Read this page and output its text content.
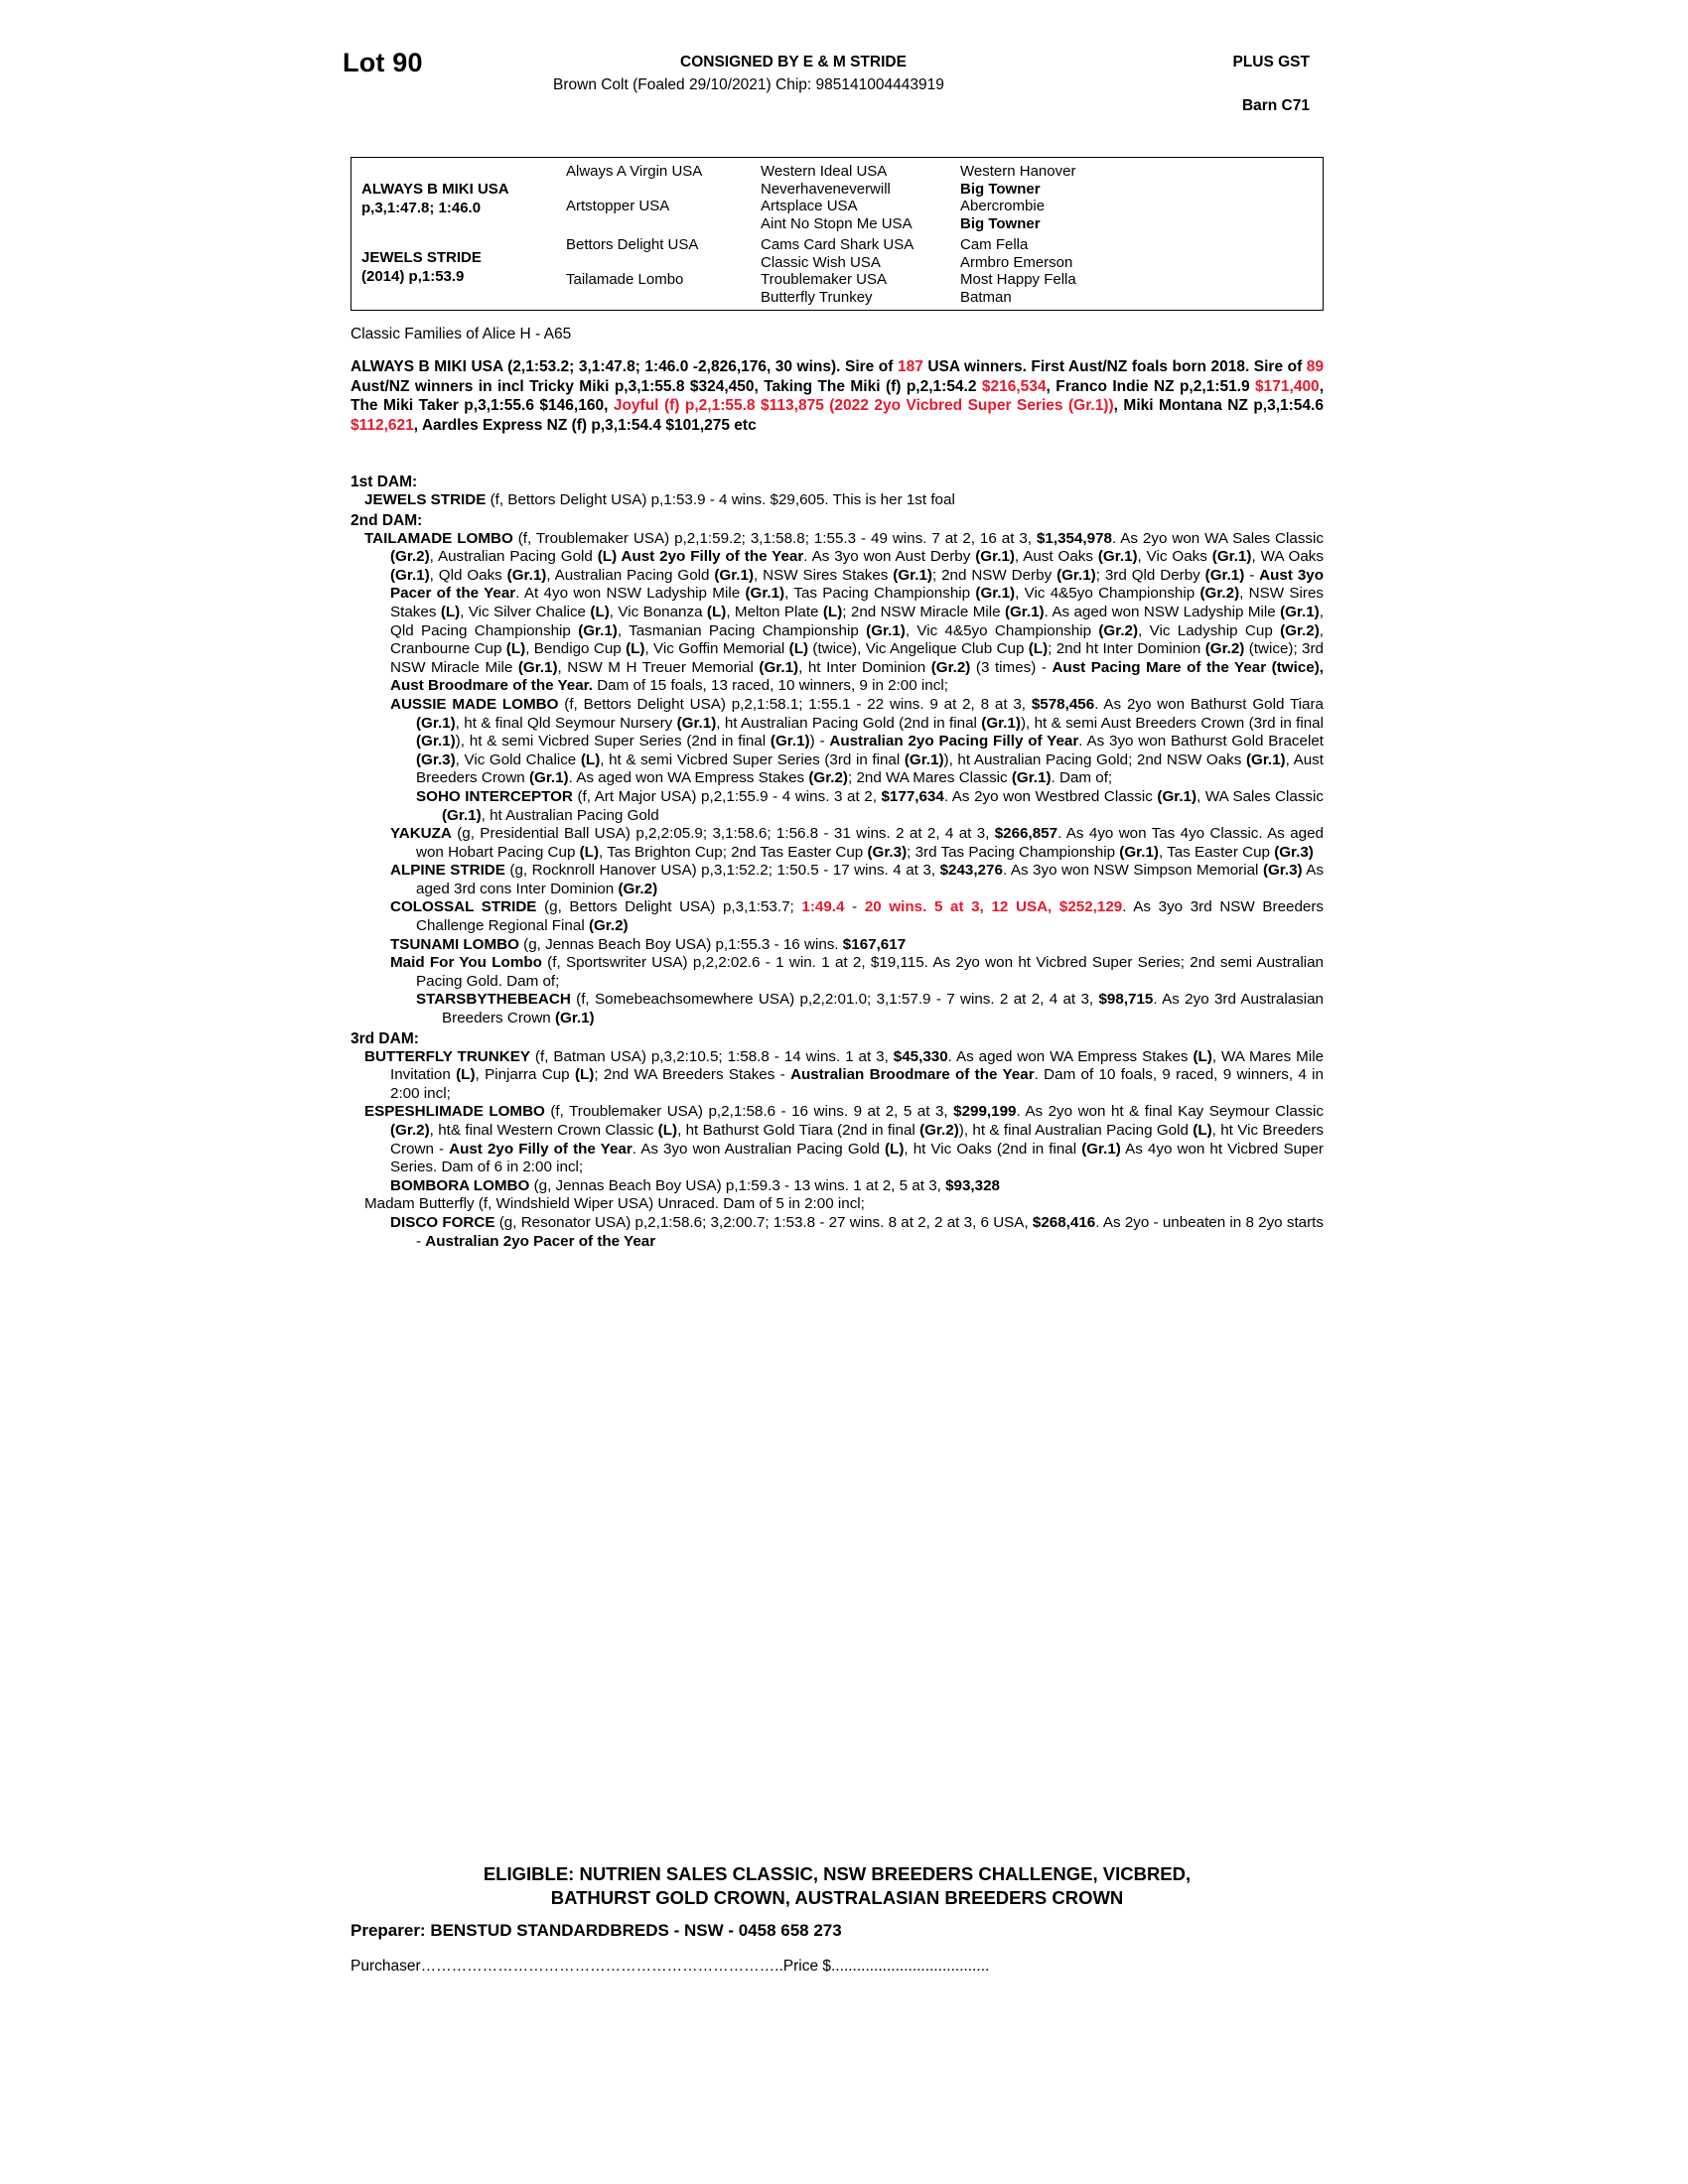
Lot 90	CONSIGNED BY E & M STRIDE	PLUS GST
Brown Colt (Foaled 29/10/2021) Chip: 985141004443919
Barn C71
ALWAYS B MIKI USA
p,3,1:47.8; 1:46.0
JEWELS STRIDE
(2014) p,1:53.9
Always A Virgin USA
Artstopper USA
Bettors Delight USA
Tailamade Lombo
Western Ideal USA
Neverhaveneverwill
Artsplace USA
Aint No Stopn Me USA
Cams Card Shark USA
Classic Wish USA
Troublemaker USA
Butterfly Trunkey
Western Hanover
Big Towner
Abercrombie
Big Towner
Cam Fella
Armbro Emerson
Most Happy Fella
Batman
Classic Families of Alice H - A65
ALWAYS B MIKI USA (2,1:53.2; 3,1:47.8; 1:46.0 -2,826,176, 30 wins). Sire of 187 USA winners. First Aust/NZ foals born 2018. Sire of 89 Aust/NZ winners in incl Tricky Miki p,3,1:55.8 $324,450, Taking The Miki (f) p,2,1:54.2 $216,534, Franco Indie NZ p,2,1:51.9 $171,400, The Miki Taker p,3,1:55.6 $146,160, Joyful (f) p,2,1:55.8 $113,875 (2022 2yo Vicbred Super Series (Gr.1)), Miki Montana NZ p,3,1:54.6 $112,621, Aardles Express NZ (f) p,3,1:54.4 $101,275 etc
1st DAM:

JEWELS STRIDE (f, Bettors Delight USA) p,1:53.9 - 4 wins. $29,605. This is her 1st foal

2nd DAM:

TAILAMADE LOMBO (f, Troublemaker USA) p,2,1:59.2; 3,1:58.8; 1:55.3 - 49 wins. 7 at 2, 16 at 3, $1,354,978. As 2yo won WA Sales Classic (Gr.2), Australian Pacing Gold (L) Aust 2yo Filly of the Year. As 3yo won Aust Derby (Gr.1), Aust Oaks (Gr.1), Vic Oaks (Gr.1), WA Oaks (Gr.1), Qld Oaks (Gr.1), Australian Pacing Gold (Gr.1), NSW Sires Stakes (Gr.1); 2nd NSW Derby (Gr.1); 3rd Qld Derby (Gr.1) - Aust 3yo Pacer of the Year. At 4yo won NSW Ladyship Mile (Gr.1), Tas Pacing Championship (Gr.1), Vic 4&5yo Championship (Gr.2), NSW Sires Stakes (L), Vic Silver Chalice (L), Vic Bonanza (L), Melton Plate (L); 2nd NSW Miracle Mile (Gr.1). As aged won NSW Ladyship Mile (Gr.1), Qld Pacing Championship (Gr.1), Tasmanian Pacing Championship (Gr.1), Vic 4&5yo Championship (Gr.2), Vic Ladyship Cup (Gr.2), Cranbourne Cup (L), Bendigo Cup (L), Vic Goffin Memorial (L) (twice), Vic Angelique Club Cup (L); 2nd ht Inter Dominion (Gr.2) (twice); 3rd NSW Miracle Mile (Gr.1), NSW M H Treuer Memorial (Gr.1), ht Inter Dominion (Gr.2) (3 times) - Aust Pacing Mare of the Year (twice), Aust Broodmare of the Year. Dam of 15 foals, 13 raced, 10 winners, 9 in 2:00 incl;

AUSSIE MADE LOMBO (f, Bettors Delight USA) p,2,1:58.1; 1:55.1 - 22 wins. 9 at 2, 8 at 3, $578,456. As 2yo won Bathurst Gold Tiara (Gr.1), ht & final Qld Seymour Nursery (Gr.1), ht Australian Pacing Gold (2nd in final (Gr.1)), ht & semi Aust Breeders Crown (3rd in final (Gr.1)), ht & semi Vicbred Super Series (2nd in final (Gr.1)) - Australian 2yo Pacing Filly of Year. As 3yo won Bathurst Gold Bracelet (Gr.3), Vic Gold Chalice (L), ht & semi Vicbred Super Series (3rd in final (Gr.1)), ht Australian Pacing Gold; 2nd NSW Oaks (Gr.1), Aust Breeders Crown (Gr.1). As aged won WA Empress Stakes (Gr.2); 2nd WA Mares Classic (Gr.1). Dam of;

SOHO INTERCEPTOR (f, Art Major USA) p,2,1:55.9 - 4 wins. 3 at 2, $177,634. As 2yo won Westbred Classic (Gr.1), WA Sales Classic (Gr.1), ht Australian Pacing Gold

YAKUZA (g, Presidential Ball USA) p,2,2:05.9; 3,1:58.6; 1:56.8 - 31 wins. 2 at 2, 4 at 3, $266,857. As 4yo won Tas 4yo Classic. As aged won Hobart Pacing Cup (L), Tas Brighton Cup; 2nd Tas Easter Cup (Gr.3); 3rd Tas Pacing Championship (Gr.1), Tas Easter Cup (Gr.3)

ALPINE STRIDE (g, Rocknroll Hanover USA) p,3,1:52.2; 1:50.5 - 17 wins. 4 at 3, $243,276. As 3yo won NSW Simpson Memorial (Gr.3) As aged 3rd cons Inter Dominion (Gr.2)

COLOSSAL STRIDE (g, Bettors Delight USA) p,3,1:53.7; 1:49.4 - 20 wins. 5 at 3, 12 USA, $252,129. As 3yo 3rd NSW Breeders Challenge Regional Final (Gr.2)

TSUNAMI LOMBO (g, Jennas Beach Boy USA) p,1:55.3 - 16 wins. $167,617

Maid For You Lombo (f, Sportswriter USA) p,2,2:02.6 - 1 win. 1 at 2, $19,115. As 2yo won ht Vicbred Super Series; 2nd semi Australian Pacing Gold. Dam of;

STARSBYTHEBEACH (f, Somebeachsomewhere USA) p,2,2:01.0; 3,1:57.9 - 7 wins. 2 at 2, 4 at 3, $98,715. As 2yo 3rd Australasian Breeders Crown (Gr.1)

3rd DAM:

BUTTERFLY TRUNKEY (f, Batman USA) p,3,2:10.5; 1:58.8 - 14 wins. 1 at 3, $45,330. As aged won WA Empress Stakes (L), WA Mares Mile Invitation (L), Pinjarra Cup (L); 2nd WA Breeders Stakes - Australian Broodmare of the Year. Dam of 10 foals, 9 raced, 9 winners, 4 in 2:00 incl;

ESPESHLIMADE LOMBO (f, Troublemaker USA) p,2,1:58.6 - 16 wins. 9 at 2, 5 at 3, $299,199. As 2yo won ht & final Kay Seymour Classic (Gr.2), ht& final Western Crown Classic (L), ht Bathurst Gold Tiara (2nd in final (Gr.2)), ht & final Australian Pacing Gold (L), ht Vic Breeders Crown - Aust 2yo Filly of the Year. As 3yo won Australian Pacing Gold (L), ht Vic Oaks (2nd in final (Gr.1) As 4yo won ht Vicbred Super Series. Dam of 6 in 2:00 incl;

BOMBORA LOMBO (g, Jennas Beach Boy USA) p,1:59.3 - 13 wins. 1 at 2, 5 at 3, $93,328

Madam Butterfly (f, Windshield Wiper USA) Unraced. Dam of 5 in 2:00 incl;

DISCO FORCE (g, Resonator USA) p,2,1:58.6; 3,2:00.7; 1:53.8 - 27 wins. 8 at 2, 2 at 3, 6 USA, $268,416. As 2yo - unbeaten in 8 2yo starts - Australian 2yo Pacer of the Year

ELIGIBLE: NUTRIEN SALES CLASSIC, NSW BREEDERS CHALLENGE, VICBRED,
BATHURST GOLD CROWN, AUSTRALASIAN BREEDERS CROWN
Preparer: BENSTUD STANDARDBREDS - NSW - 0458 658 273
Purchaser……………………………………………………………..Price $.....................................
